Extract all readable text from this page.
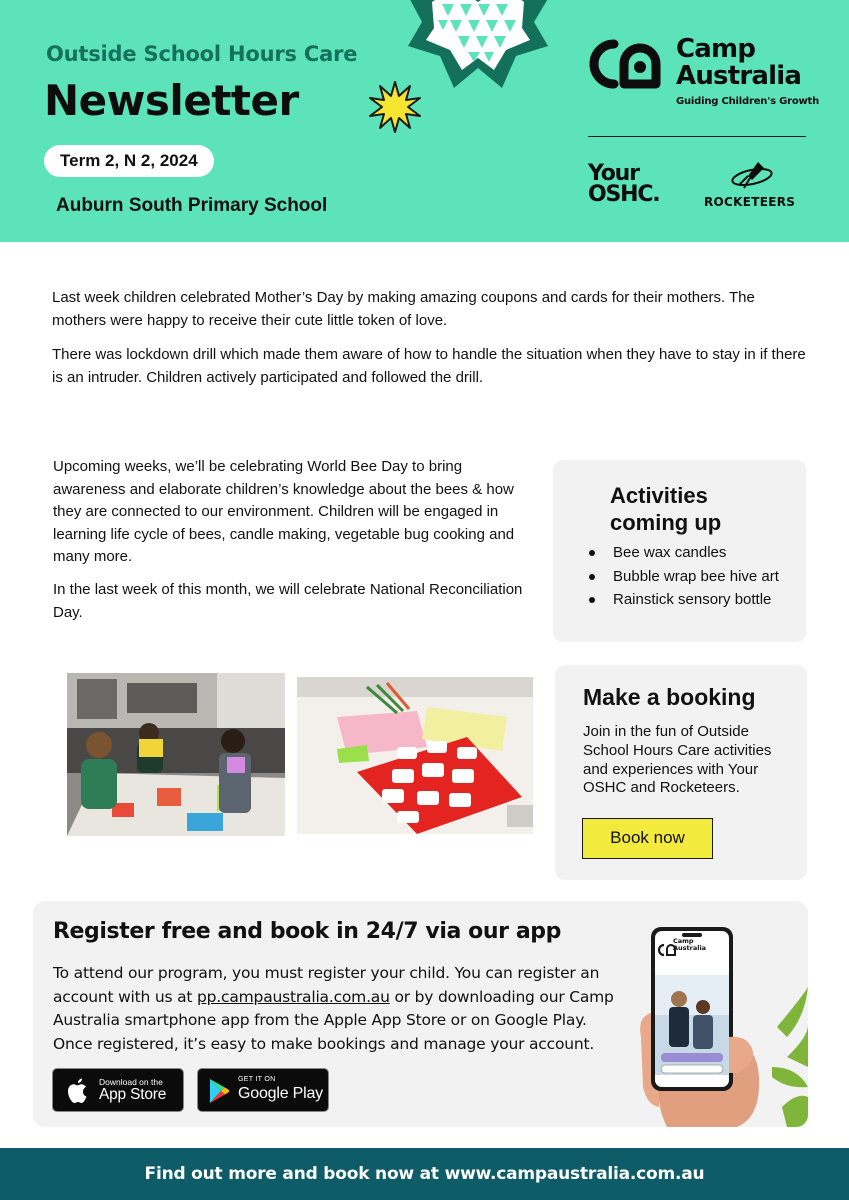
Outside School Hours Care
Newsletter
Term 2, N 2, 2024
Auburn South Primary School
Camp
Australia
Guiding Children's Growth
Your
OSHC.	ROCKETEERS

Last week children celebrated Mother’s Day by making amazing coupons and cards for their mothers. The mothers were happy to receive their cute little token of love.

There was lockdown drill which made them aware of how to handle the situation when they have to stay in if there is an intruder. Children actively participated and followed the drill.

Upcoming weeks, we’ll be celebrating World Bee Day to bring awareness and elaborate children’s knowledge about the bees & how they are connected to our environment. Children will be engaged in learning life cycle of bees, candle making, vegetable bug cooking and many more.

In the last week of this month, we will celebrate National Reconciliation Day.

Activities coming up
Bee wax candles
Bubble wrap bee hive art
Rainstick sensory bottle
Make a booking
Join in the fun of Outside School Hours Care activities and experiences with Your OSHC and Rocketeers.
Book now
Register free and book in 24/7 via our app
To attend our program, you must register your child. You can register an account with us at pp.campaustralia.com.au or by downloading our Camp Australia smartphone app from the Apple App Store or on Google Play. Once registered, it’s easy to make bookings and manage your account.
Download on the
App Store
GET IT ON
Google Play
Camp
Australia
Find out more and book now at www.campaustralia.com.au
